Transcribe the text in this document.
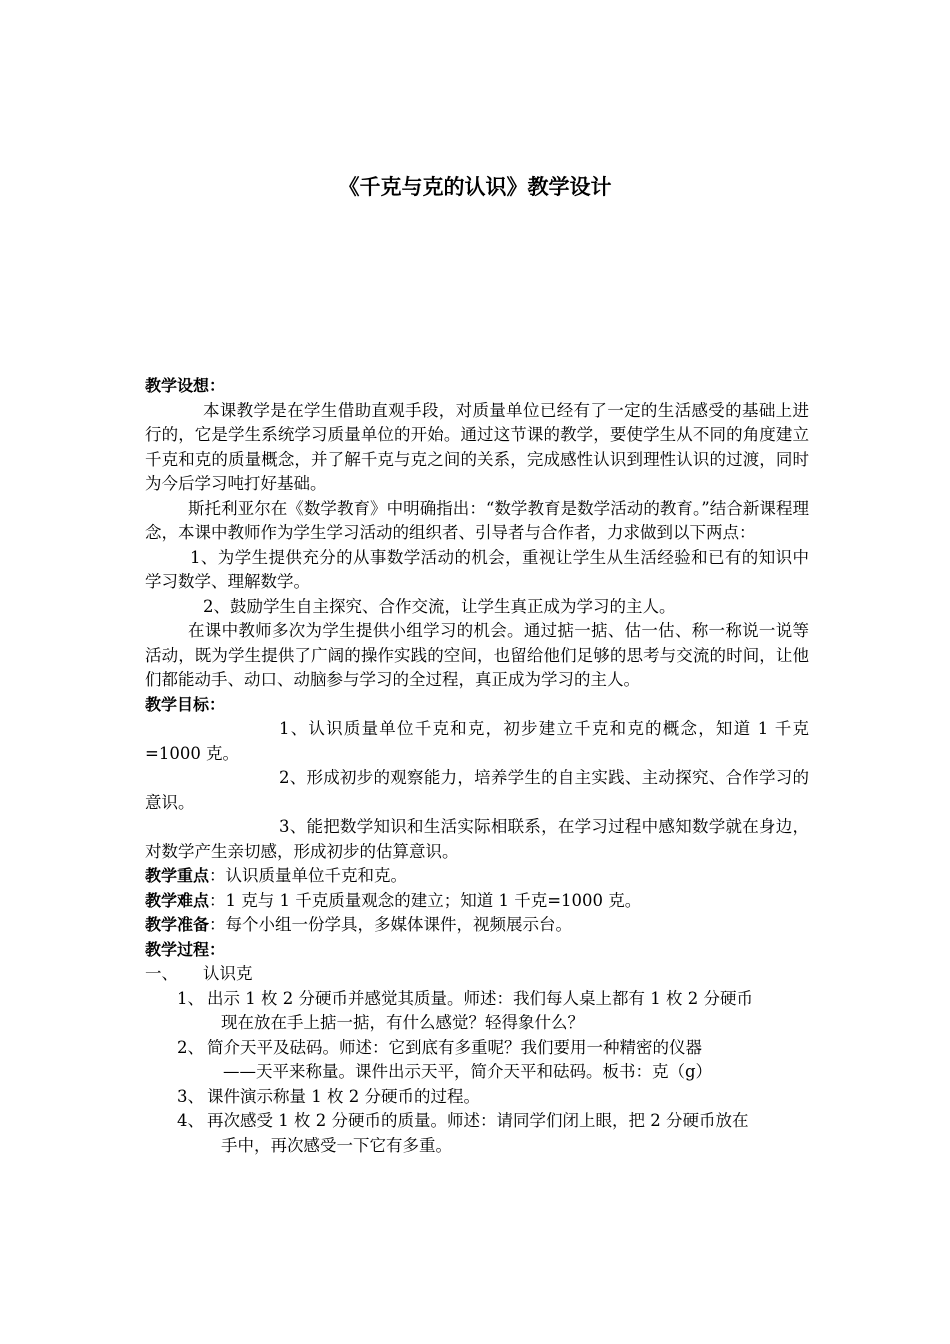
《千克与克的认识》教学设计

教学设想：

本课教学是在学生借助直观手段，对质量单位已经有了一定的生活感受的基础上进行的，它是学生系统学习质量单位的开始。通过这节课的教学，要使学生从不同的角度建立千克和克的质量概念，并了解千克与克之间的关系，完成感性认识到理性认识的过渡，同时为今后学习吨打好基础。

斯托利亚尔在《数学教育》中明确指出：“数学教育是数学活动的教育。”结合新课程理念，本课中教师作为学生学习活动的组织者、引导者与合作者，力求做到以下两点：

1、为学生提供充分的从事数学活动的机会，重视让学生从生活经验和已有的知识中学习数学、理解数学。

2、鼓励学生自主探究、合作交流，让学生真正成为学习的主人。

在课中教师多次为学生提供小组学习的机会。通过掂一掂、估一估、称一称说一说等活动，既为学生提供了广阔的操作实践的空间，也留给他们足够的思考与交流的时间，让他们都能动手、动口、动脑参与学习的全过程，真正成为学习的主人。

教学目标：

1、认识质量单位千克和克，初步建立千克和克的概念，知道 1 千克=1000 克。

2、形成初步的观察能力，培养学生的自主实践、主动探究、合作学习的意识。

3、能把数学知识和生活实际相联系，在学习过程中感知数学就在身边，对数学产生亲切感，形成初步的估算意识。

教学重点：认识质量单位千克和克。

教学难点：1 克与 1 千克质量观念的建立；知道 1 千克=1000 克。

教学准备：每个小组一份学具，多媒体课件，视频展示台。

教学过程：

一、 认识克

1、 出示 1 枚 2 分硬币并感觉其质量。师述：我们每人桌上都有 1 枚 2 分硬币
现在放在手上掂一掂，有什么感觉？轻得象什么？

2、 简介天平及砝码。师述：它到底有多重呢？我们要用一种精密的仪器
——天平来称量。课件出示天平，简介天平和砝码。板书：克（g）

3、 课件演示称量 1 枚 2 分硬币的过程。

4、 再次感受 1 枚 2 分硬币的质量。师述：请同学们闭上眼，把 2 分硬币放在
手中，再次感受一下它有多重。
